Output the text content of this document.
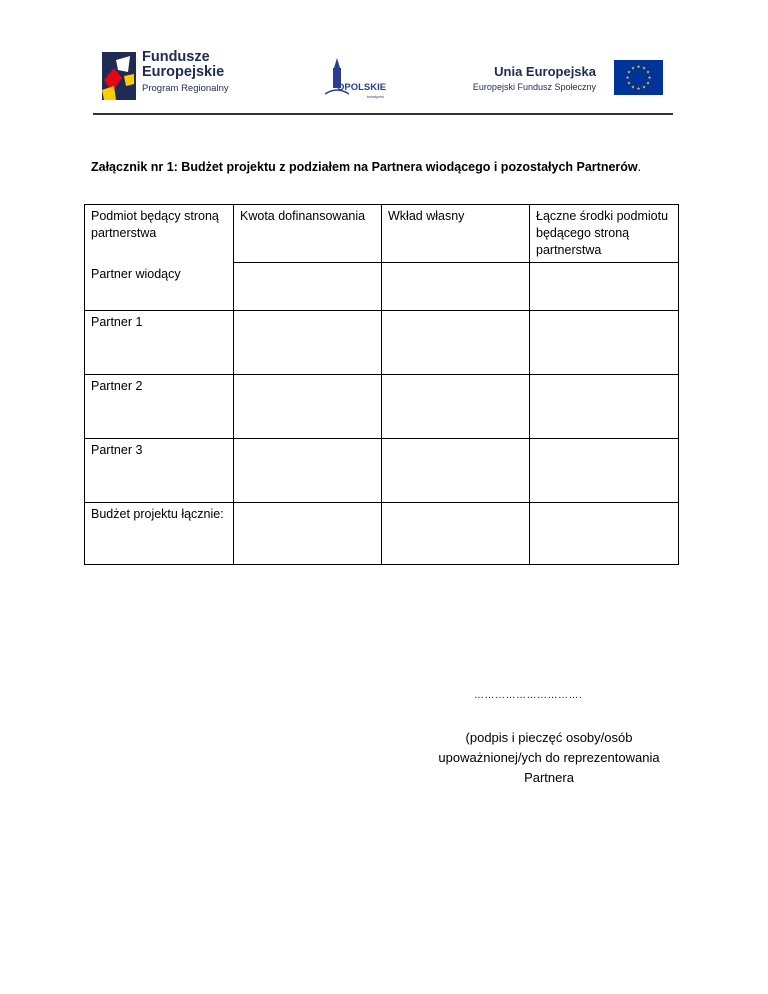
Fundusze
Europejskie
Program Regionalny	OPOLSKIE
kreatywni
Unia Europejska
Europejski Fundusz Społeczny
★ ★
★
★
★
★
★
★
★
★
★
★
Załącznik nr 1: Budżet projektu z podziałem na Partnera wiodącego i pozostałych Partnerów.
Podmiot będący stroną partnerstwa	Kwota dofinansowania	Wkład własny	Łączne środki podmiotu będącego stroną partnerstwa
Partner wiodący			
Partner 1			
Partner 2			
Partner 3			
Budżet projektu łącznie:			
………………………….
(podpis i pieczęć osoby/osób upoważnionej/ych do reprezentowania Partnera
